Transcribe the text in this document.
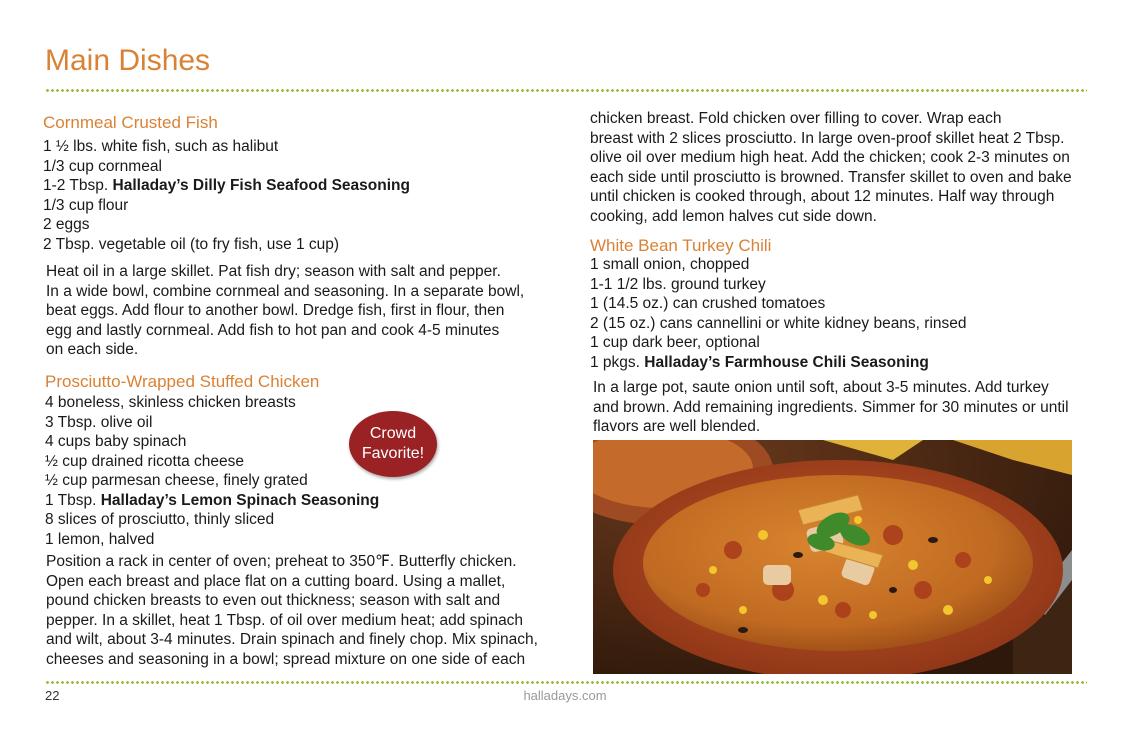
Main Dishes
Cornmeal Crusted Fish
1 ½ lbs. white fish, such as halibut
1/3 cup cornmeal
1-2 Tbsp. Halladay’s Dilly Fish Seafood Seasoning
1/3 cup flour
2 eggs
2 Tbsp. vegetable oil (to fry fish, use 1 cup)
Heat oil in a large skillet. Pat fish dry; season with salt and pepper.
In a wide bowl, combine cornmeal and seasoning. In a separate bowl,
beat eggs. Add flour to another bowl. Dredge fish, first in flour, then
egg and lastly cornmeal. Add fish to hot pan and cook 4-5 minutes
on each side.
Prosciutto-Wrapped Stuffed Chicken
4 boneless, skinless chicken breasts
3 Tbsp. olive oil
4 cups baby spinach
½ cup drained ricotta cheese
½ cup parmesan cheese, finely grated
1 Tbsp. Halladay’s Lemon Spinach Seasoning
8 slices of prosciutto, thinly sliced
1 lemon, halved
Crowd
Favorite!
Position a rack in center of oven; preheat to 350℉. Butterfly chicken.
Open each breast and place flat on a cutting board. Using a mallet,
pound chicken breasts to even out thickness; season with salt and
pepper. In a skillet, heat 1 Tbsp. of oil over medium heat; add spinach
and wilt, about 3-4 minutes. Drain spinach and finely chop. Mix spinach,
cheeses and seasoning in a bowl; spread mixture on one side of each
chicken breast. Fold chicken over filling to cover. Wrap each
breast with 2 slices prosciutto. In large oven-proof skillet heat 2 Tbsp.
olive oil over medium high heat. Add the chicken; cook 2-3 minutes on
each side until prosciutto is browned. Transfer skillet to oven and bake
until chicken is cooked through, about 12 minutes. Half way through
cooking, add lemon halves cut side down.
White Bean Turkey Chili
1 small onion, chopped
1-1 1/2 lbs. ground turkey
1 (14.5 oz.) can crushed tomatoes
2 (15 oz.) cans cannellini or white kidney beans, rinsed
1 cup dark beer, optional
1 pkgs. Halladay’s Farmhouse Chili Seasoning
In a large pot, saute onion until soft, about 3-5 minutes. Add turkey
and brown. Add remaining ingredients. Simmer for 30 minutes or until
flavors are well blended.
22	halladays.com
